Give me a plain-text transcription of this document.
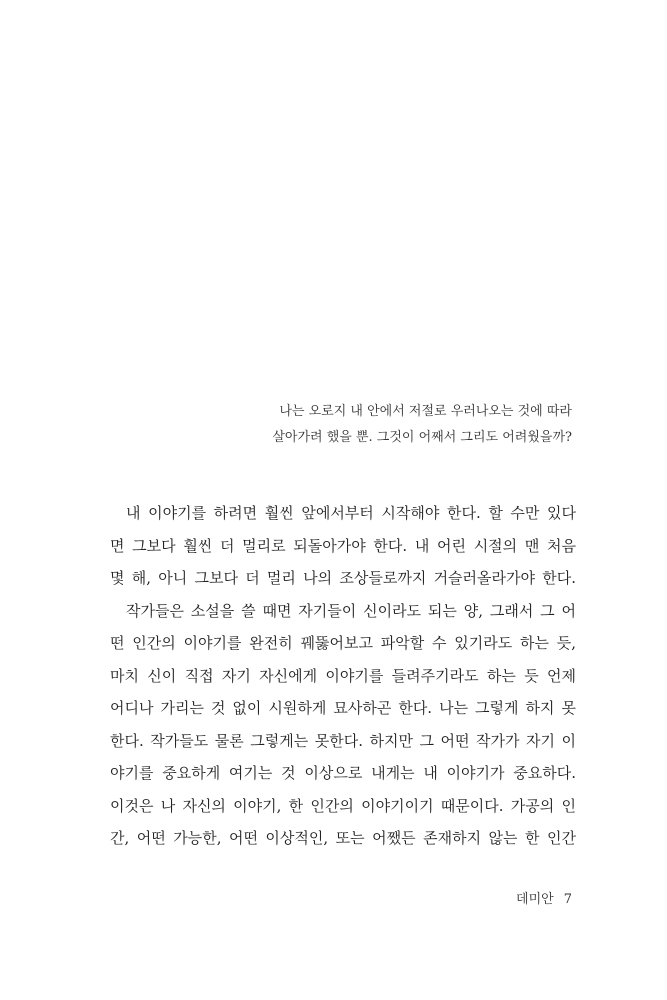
나는 오로지 내 안에서 저절로 우러나오는 것에 따라
살아가려 했을 뿐. 그것이 어째서 그리도 어려웠을까?
내 이야기를 하려면 훨씬 앞에서부터 시작해야 한다. 할 수만 있다
면 그보다 훨씬 더 멀리로 되돌아가야 한다. 내 어린 시절의 맨 처음
몇 해, 아니 그보다 더 멀리 나의 조상들로까지 거슬러올라가야 한다.
작가들은 소설을 쓸 때면 자기들이 신이라도 되는 양, 그래서 그 어
떤 인간의 이야기를 완전히 꿰뚫어보고 파악할 수 있기라도 하는 듯,
마치 신이 직접 자기 자신에게 이야기를 들려주기라도 하는 듯 언제
어디나 가리는 것 없이 시원하게 묘사하곤 한다. 나는 그렇게 하지 못
한다. 작가들도 물론 그렇게는 못한다. 하지만 그 어떤 작가가 자기 이
야기를 중요하게 여기는 것 이상으로 내게는 내 이야기가 중요하다.
이것은 나 자신의 이야기, 한 인간의 이야기이기 때문이다. 가공의 인
간, 어떤 가능한, 어떤 이상적인, 또는 어쨌든 존재하지 않는 한 인간
데미안 7
